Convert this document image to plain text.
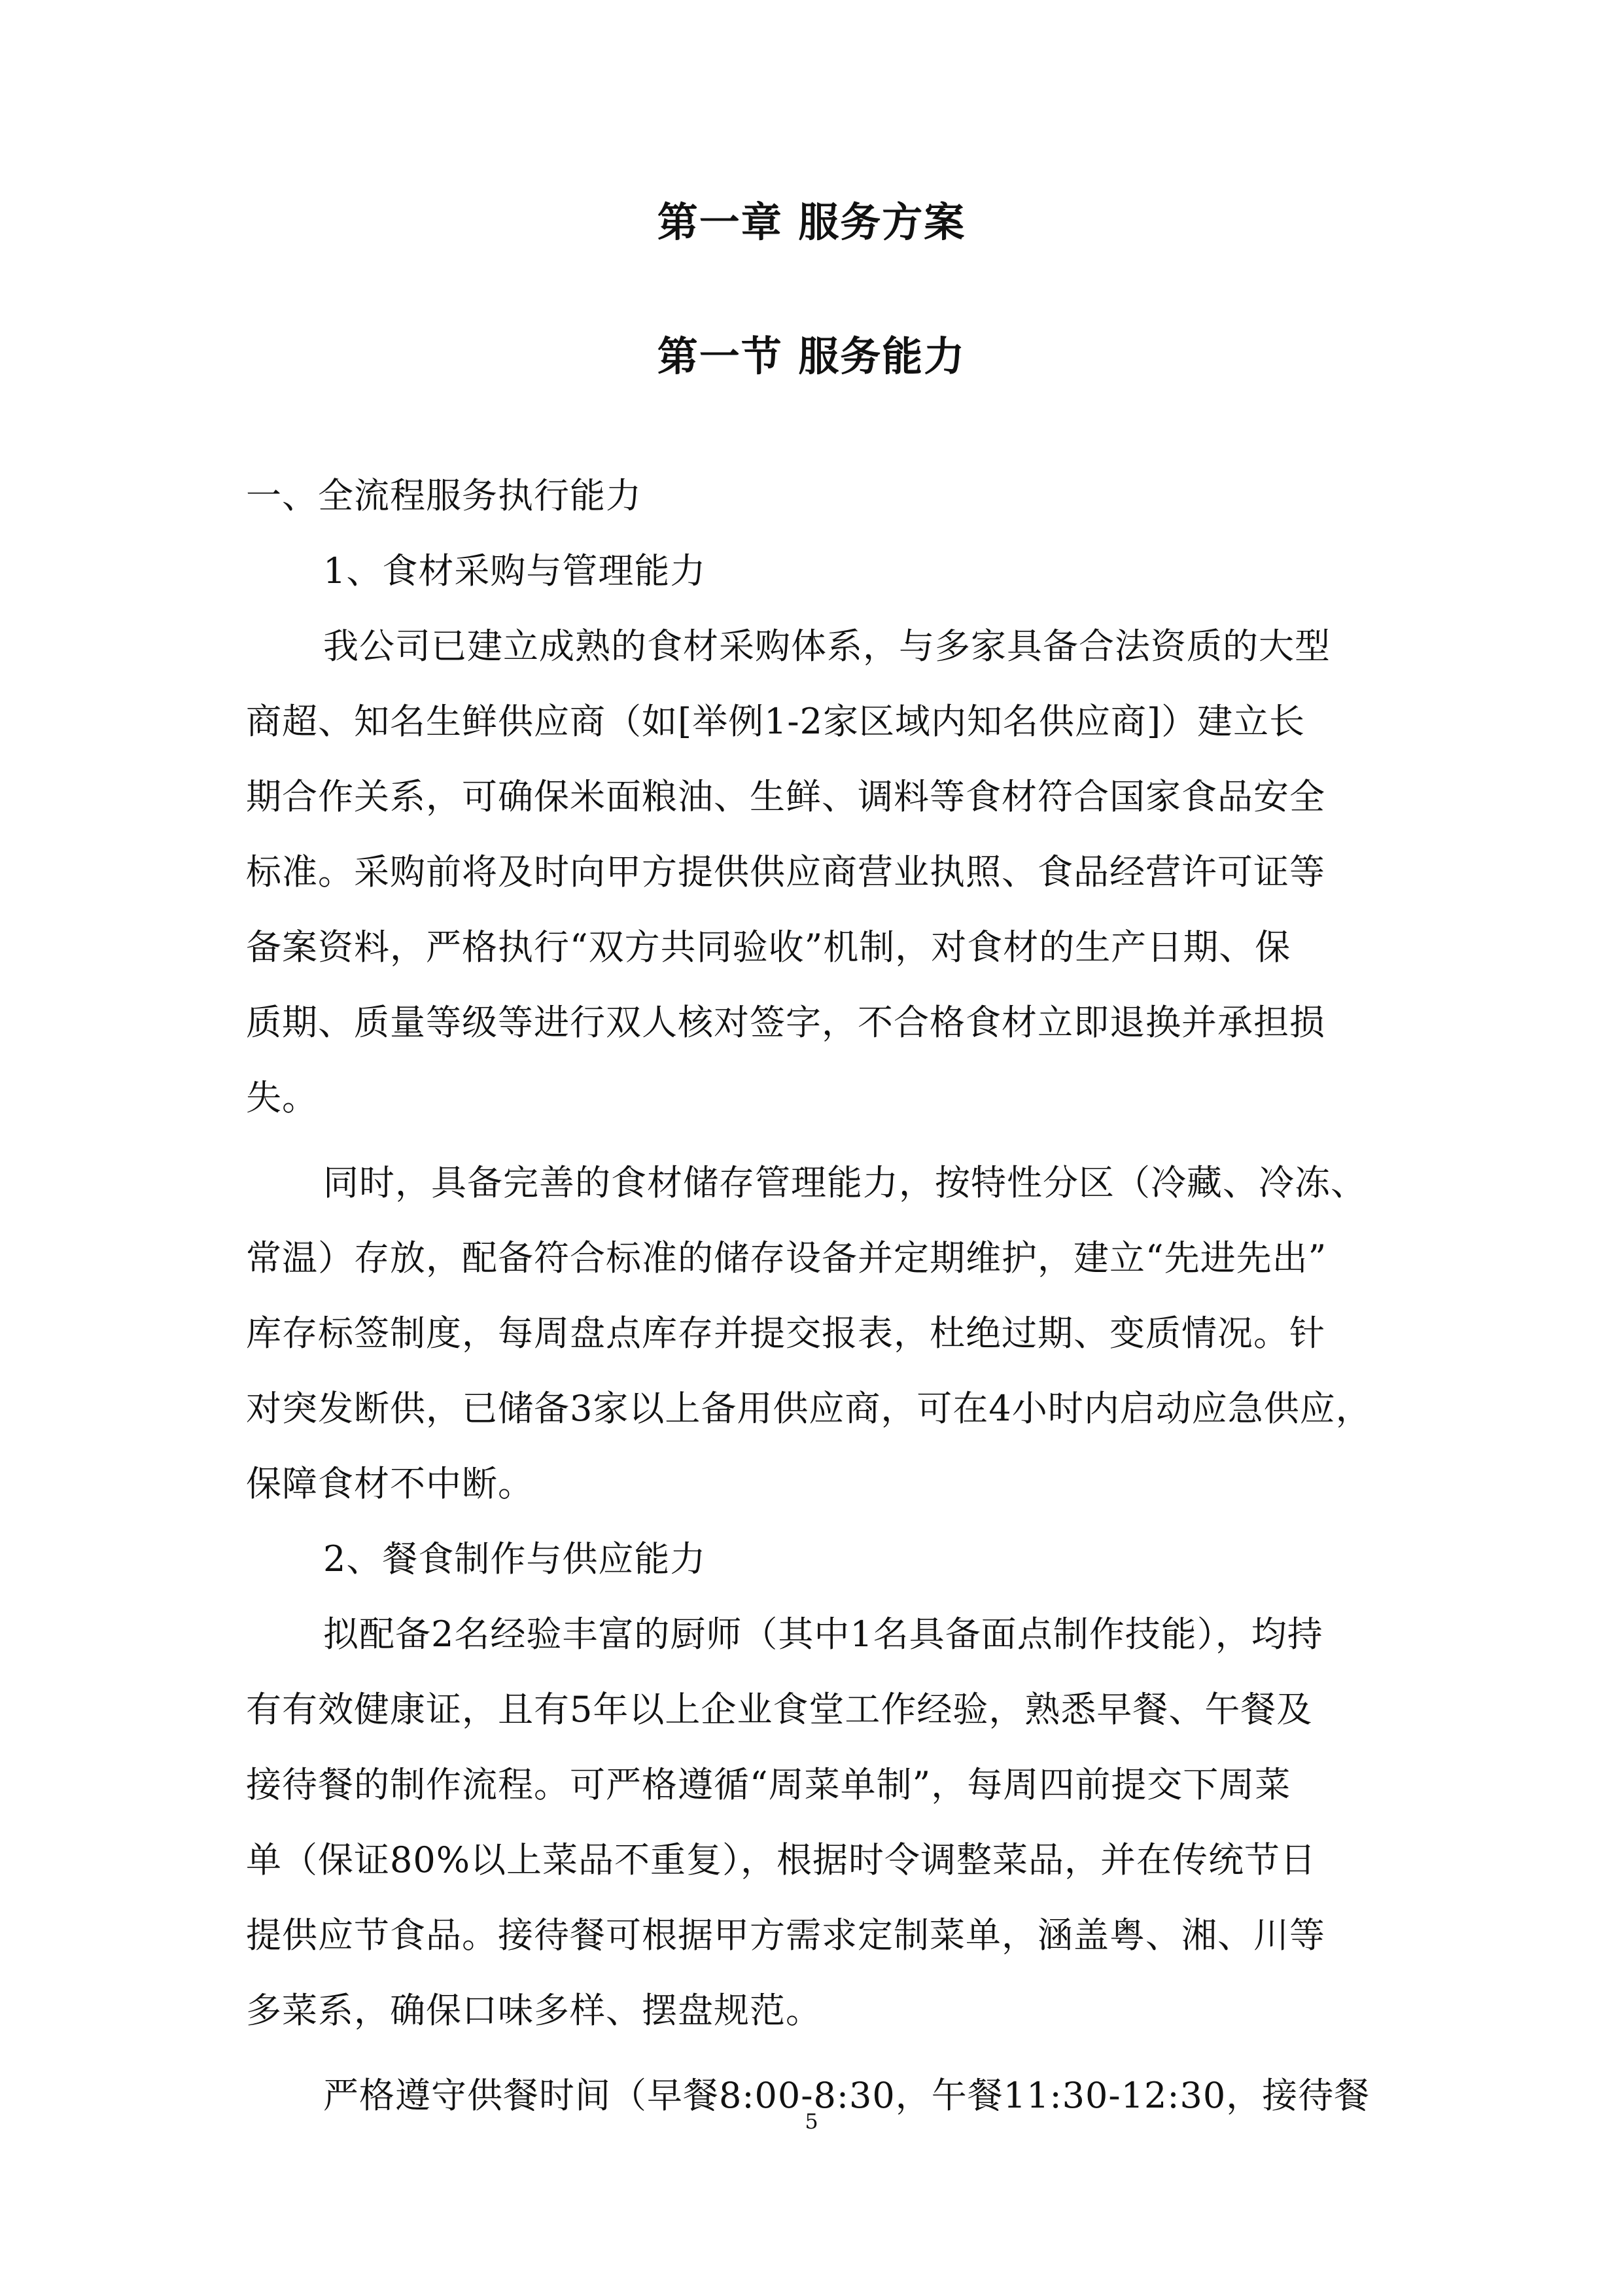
第一章 服务方案
第一节 服务能力
一、全流程服务执行能力
1、食材采购与管理能力
我公司已建立成熟的食材采购体系，与多家具备合法资质的大型
商超、知名生鲜供应商（如[举例1-2家区域内知名供应商]）建立长
期合作关系，可确保米面粮油、生鲜、调料等食材符合国家食品安全
标准。采购前将及时向甲方提供供应商营业执照、食品经营许可证等
备案资料，严格执行“双方共同验收”机制，对食材的生产日期、保
质期、质量等级等进行双人核对签字，不合格食材立即退换并承担损
失。
同时，具备完善的食材储存管理能力，按特性分区（冷藏、冷冻、
常温）存放，配备符合标准的储存设备并定期维护，建立“先进先出”
库存标签制度，每周盘点库存并提交报表，杜绝过期、变质情况。针
对突发断供，已储备3家以上备用供应商，可在4小时内启动应急供应，
保障食材不中断。
2、餐食制作与供应能力
拟配备2名经验丰富的厨师（其中1名具备面点制作技能），均持
有有效健康证，且有5年以上企业食堂工作经验，熟悉早餐、午餐及
接待餐的制作流程。可严格遵循“周菜单制”，每周四前提交下周菜
单（保证80%以上菜品不重复），根据时令调整菜品，并在传统节日
提供应节食品。接待餐可根据甲方需求定制菜单，涵盖粤、湘、川等
多菜系，确保口味多样、摆盘规范。
严格遵守供餐时间（早餐8:00-8:30，午餐11:30-12:30，接待餐
5
